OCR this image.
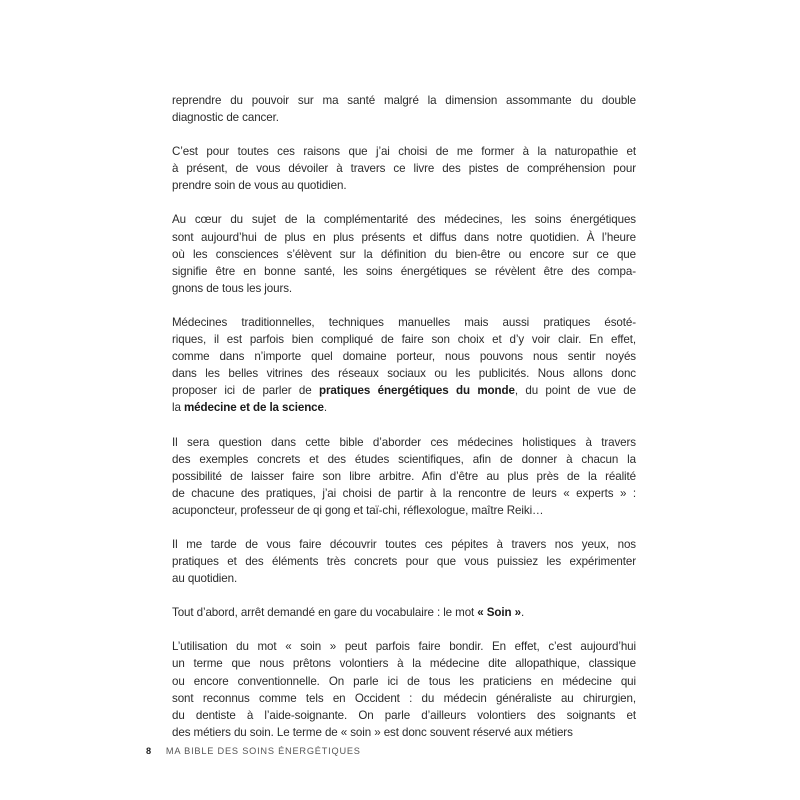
reprendre du pouvoir sur ma santé malgré la dimension assommante du double
diagnostic de cancer.

C’est pour toutes ces raisons que j’ai choisi de me former à la naturopathie et
à présent, de vous dévoiler à travers ce livre des pistes de compréhension pour
prendre soin de vous au quotidien.

Au cœur du sujet de la complémentarité des médecines, les soins énergétiques
sont aujourd’hui de plus en plus présents et diffus dans notre quotidien. À l’heure
où les consciences s’élèvent sur la définition du bien-être ou encore sur ce que
signifie être en bonne santé, les soins énergétiques se révèlent être des compa-
gnons de tous les jours.

Médecines traditionnelles, techniques manuelles mais aussi pratiques ésoté-
riques, il est parfois bien compliqué de faire son choix et d’y voir clair. En effet,
comme dans n’importe quel domaine porteur, nous pouvons nous sentir noyés
dans les belles vitrines des réseaux sociaux ou les publicités. Nous allons donc
proposer ici de parler de pratiques énergétiques du monde, du point de vue de
la médecine et de la science.

Il sera question dans cette bible d’aborder ces médecines holistiques à travers
des exemples concrets et des études scientifiques, afin de donner à chacun la
possibilité de laisser faire son libre arbitre. Afin d’être au plus près de la réalité
de chacune des pratiques, j’ai choisi de partir à la rencontre de leurs « experts » :
acuponcteur, professeur de qi gong et taï-chi, réflexologue, maître Reiki…

Il me tarde de vous faire découvrir toutes ces pépites à travers nos yeux, nos
pratiques et des éléments très concrets pour que vous puissiez les expérimenter
au quotidien.

Tout d’abord, arrêt demandé en gare du vocabulaire : le mot « Soin ».

L’utilisation du mot « soin » peut parfois faire bondir. En effet, c’est aujourd’hui
un terme que nous prêtons volontiers à la médecine dite allopathique, classique
ou encore conventionnelle. On parle ici de tous les praticiens en médecine qui
sont reconnus comme tels en Occident : du médecin généraliste au chirurgien,
du dentiste à l’aide-soignante. On parle d’ailleurs volontiers des soignants et
des métiers du soin. Le terme de « soin » est donc souvent réservé aux métiers

8 MA BIBLE DES SOINS ÉNERGÉTIQUES
